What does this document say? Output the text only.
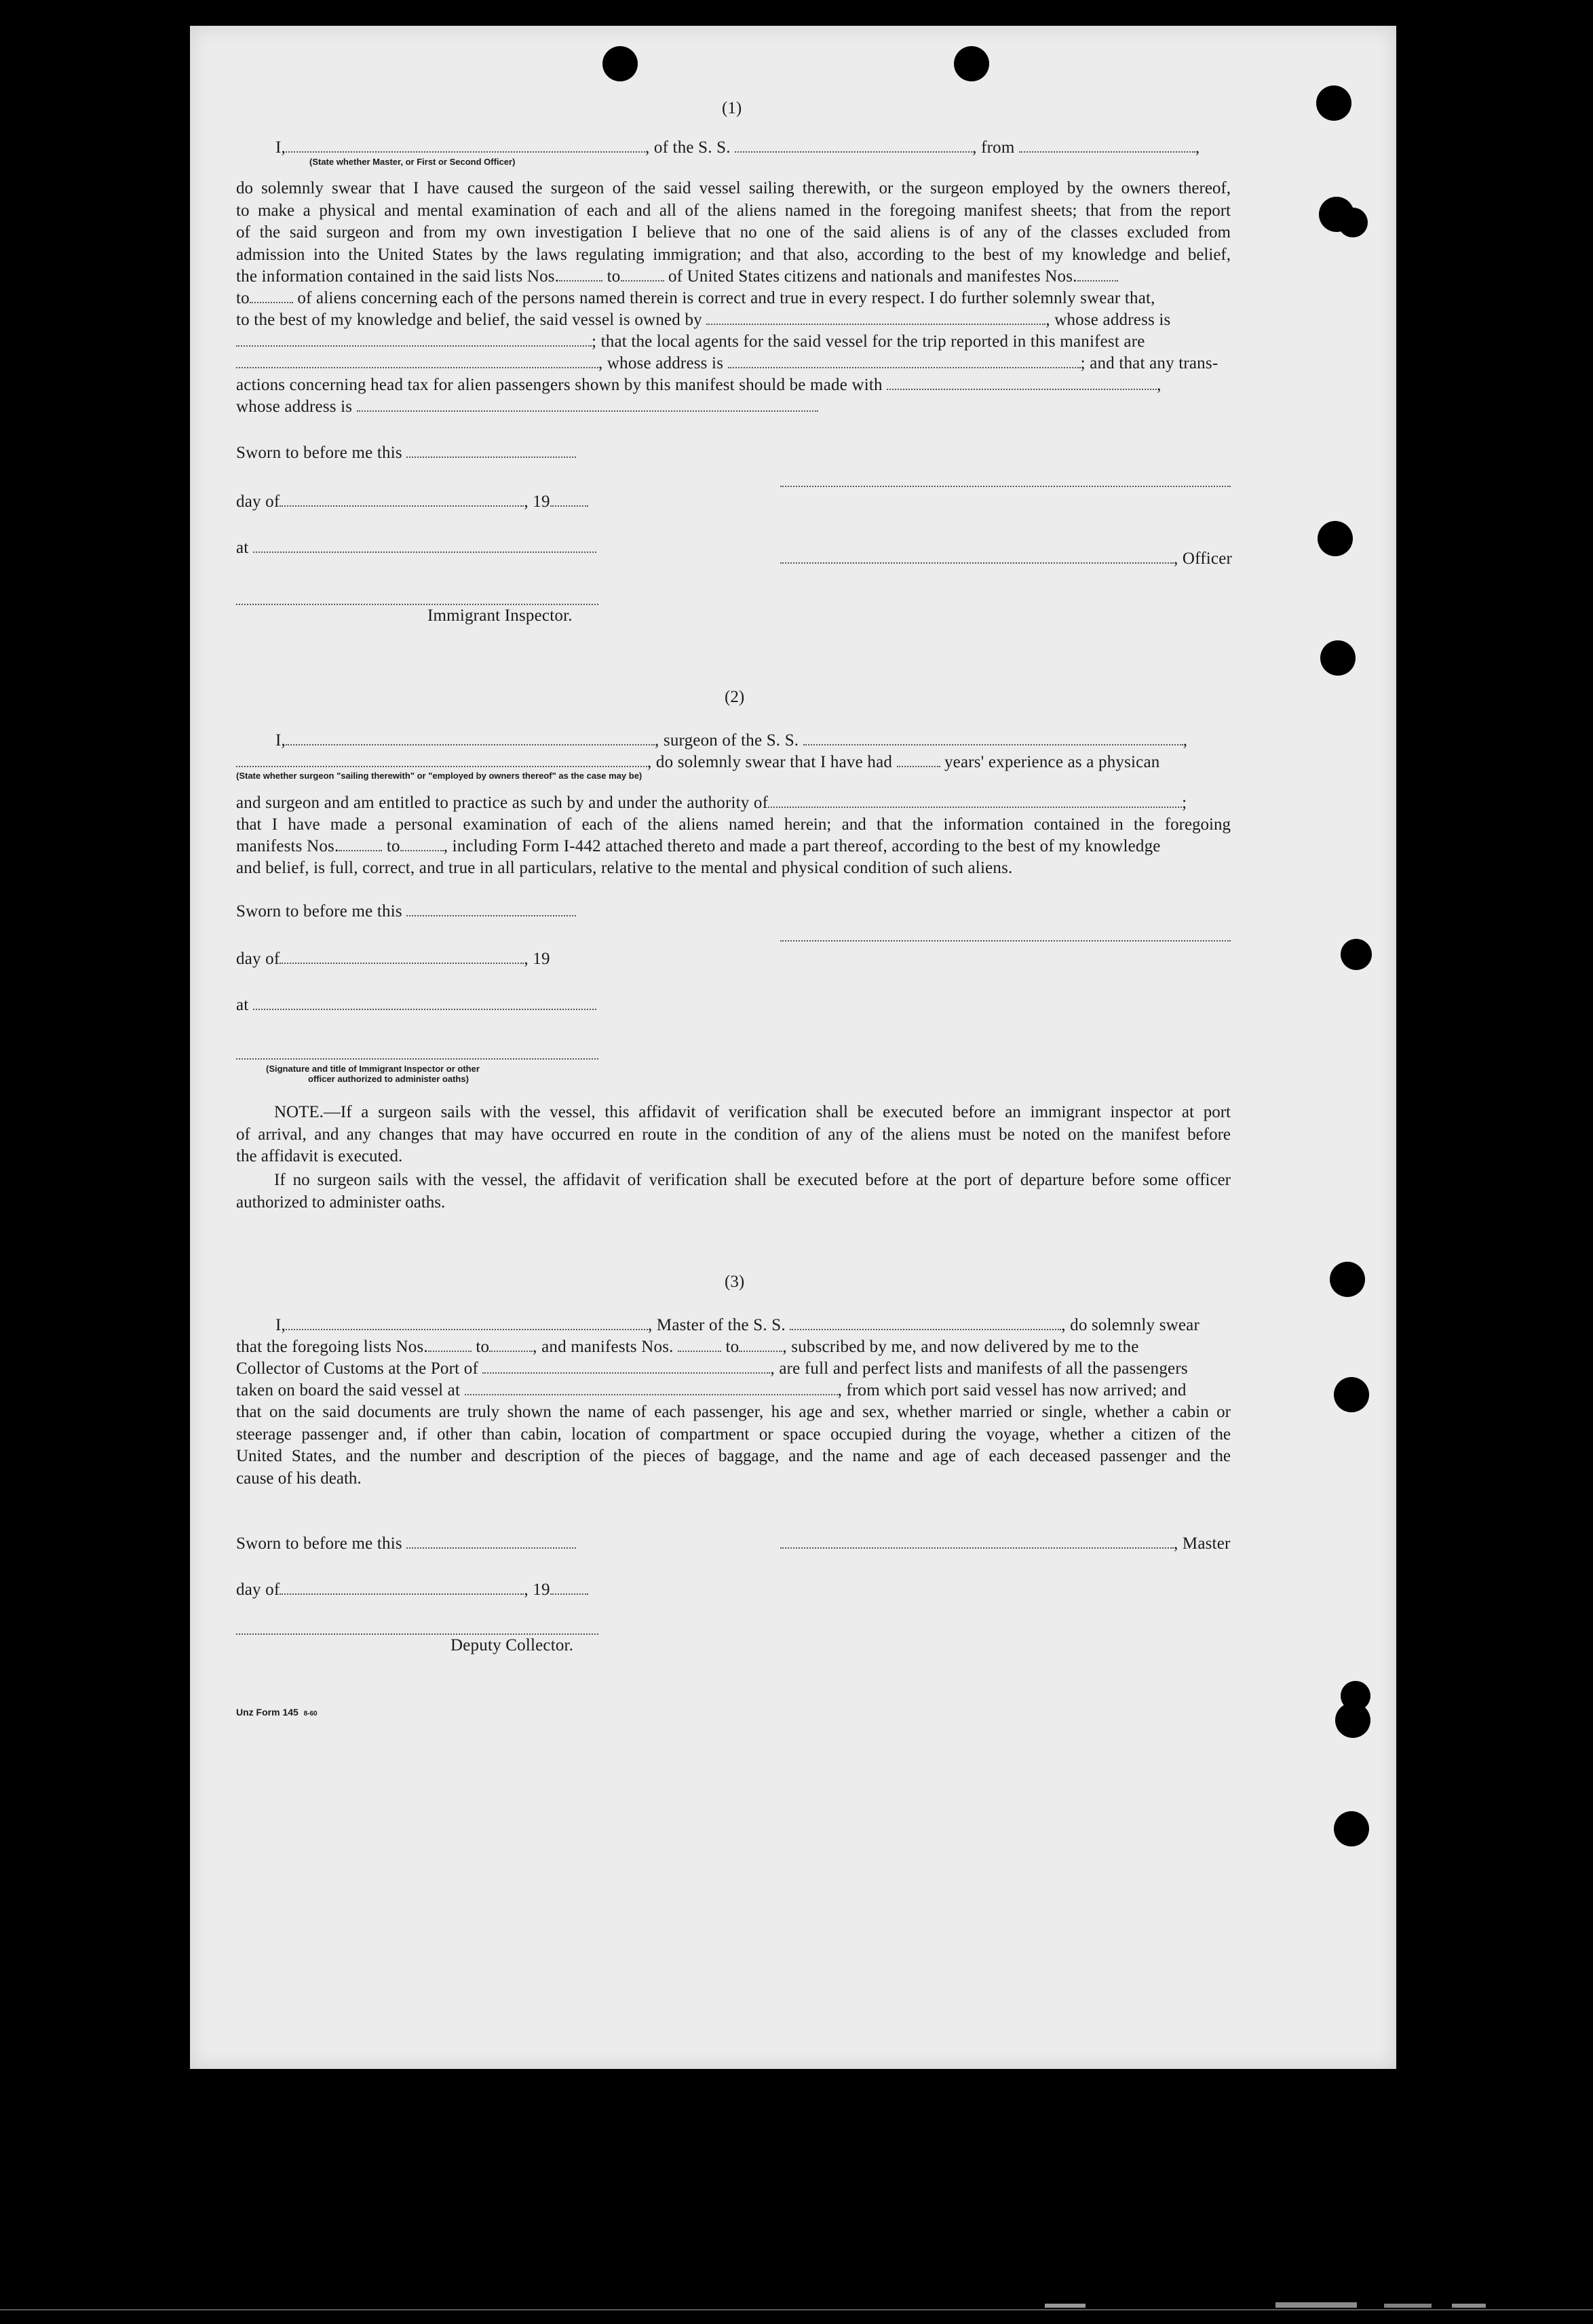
(1)
I,	, of the S. S.	, from	,
(State whether Master, or First or Second Officer)
do solemnly swear that I have caused the surgeon of the said vessel sailing therewith, or the surgeon employed by the owners thereof,
to make a physical and mental examination of each and all of the aliens named in the foregoing manifest sheets; that from the report
of the said surgeon and from my own investigation I believe that no one of the said aliens is of any of the classes excluded from
admission into the United States by the laws regulating immigration; and that also, according to the best of my knowledge and belief,
the information contained in the said lists Nos.	to	of United States citizens and nationals and manifestes Nos.
to	of aliens concerning each of the persons named therein is correct and true in every respect. I do further solemnly swear that,
to the best of my knowledge and belief, the said vessel is owned by	, whose address is
; that the local agents for the said vessel for the trip reported in this manifest are
, whose address is	; and that any trans-
actions concerning head tax for alien passengers shown by this manifest should be made with	,
whose address is
Sworn to before me this
day of	, 19
at
, Officer
Immigrant Inspector.
(2)
I,	, surgeon of the S. S.	,
, do solemnly swear that I have had	years' experience as a physican
(State whether surgeon "sailing therewith" or "employed by owners thereof" as the case may be)
and surgeon and am entitled to practice as such by and under the authority of	;
that I have made a personal examination of each of the aliens named herein; and that the information contained in the foregoing
manifests Nos.	to	, including Form I-442 attached thereto and made a part thereof, according to the best of my knowledge
and belief, is full, correct, and true in all particulars, relative to the mental and physical condition of such aliens.
Sworn to before me this
day of	, 19
at
(Signature and title of Immigrant Inspector or other
officer authorized to administer oaths)
NOTE.—If a surgeon sails with the vessel, this affidavit of verification shall be executed before an immigrant inspector at port
of arrival, and any changes that may have occurred en route in the condition of any of the aliens must be noted on the manifest before
the affidavit is executed.
If no surgeon sails with the vessel, the affidavit of verification shall be executed before at the port of departure before some officer
authorized to administer oaths.
(3)
I,	, Master of the S. S.	, do solemnly swear
that the foregoing lists Nos.	to	, and manifests Nos.	to	, subscribed by me, and now delivered by me to the
Collector of Customs at the Port of	, are full and perfect lists and manifests of all the passengers
taken on board the said vessel at	, from which port said vessel has now arrived; and
that on the said documents are truly shown the name of each passenger, his age and sex, whether married or single, whether a cabin or
steerage passenger and, if other than cabin, location of compartment or space occupied during the voyage, whether a citizen of the
United States, and the number and description of the pieces of baggage, and the name and age of each deceased passenger and the
cause of his death.
Sworn to before me this	, Master
day of	, 19
Deputy Collector.
Unz Form 145 8-60
